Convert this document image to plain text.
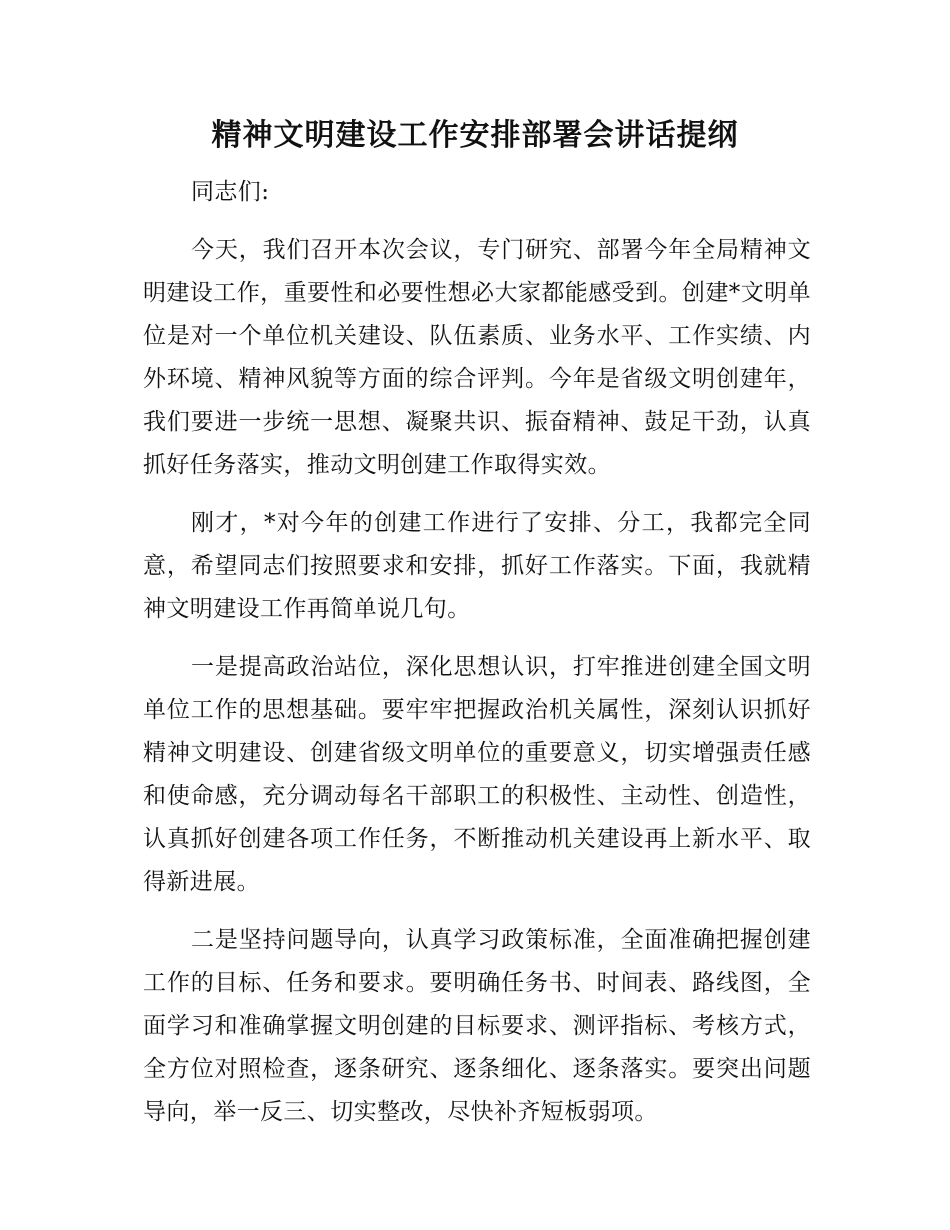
精神文明建设工作安排部署会讲话提纲

同志们:

今天，我们召开本次会议，专门研究、部署今年全局精神文明建设工作，重要性和必要性想必大家都能感受到。创建*文明单位是对一个单位机关建设、队伍素质、业务水平、工作实绩、内外环境、精神风貌等方面的综合评判。今年是省级文明创建年，我们要进一步统一思想、凝聚共识、振奋精神、鼓足干劲，认真抓好任务落实，推动文明创建工作取得实效。

刚才，*对今年的创建工作进行了安排、分工，我都完全同意，希望同志们按照要求和安排，抓好工作落实。下面，我就精神文明建设工作再简单说几句。

一是提高政治站位，深化思想认识，打牢推进创建全国文明单位工作的思想基础。要牢牢把握政治机关属性，深刻认识抓好精神文明建设、创建省级文明单位的重要意义，切实增强责任感和使命感，充分调动每名干部职工的积极性、主动性、创造性，认真抓好创建各项工作任务，不断推动机关建设再上新水平、取得新进展。

二是坚持问题导向，认真学习政策标准，全面准确把握创建工作的目标、任务和要求。要明确任务书、时间表、路线图，全面学习和准确掌握文明创建的目标要求、测评指标、考核方式，全方位对照检查，逐条研究、逐条细化、逐条落实。要突出问题导向，举一反三、切实整改，尽快补齐短板弱项。
